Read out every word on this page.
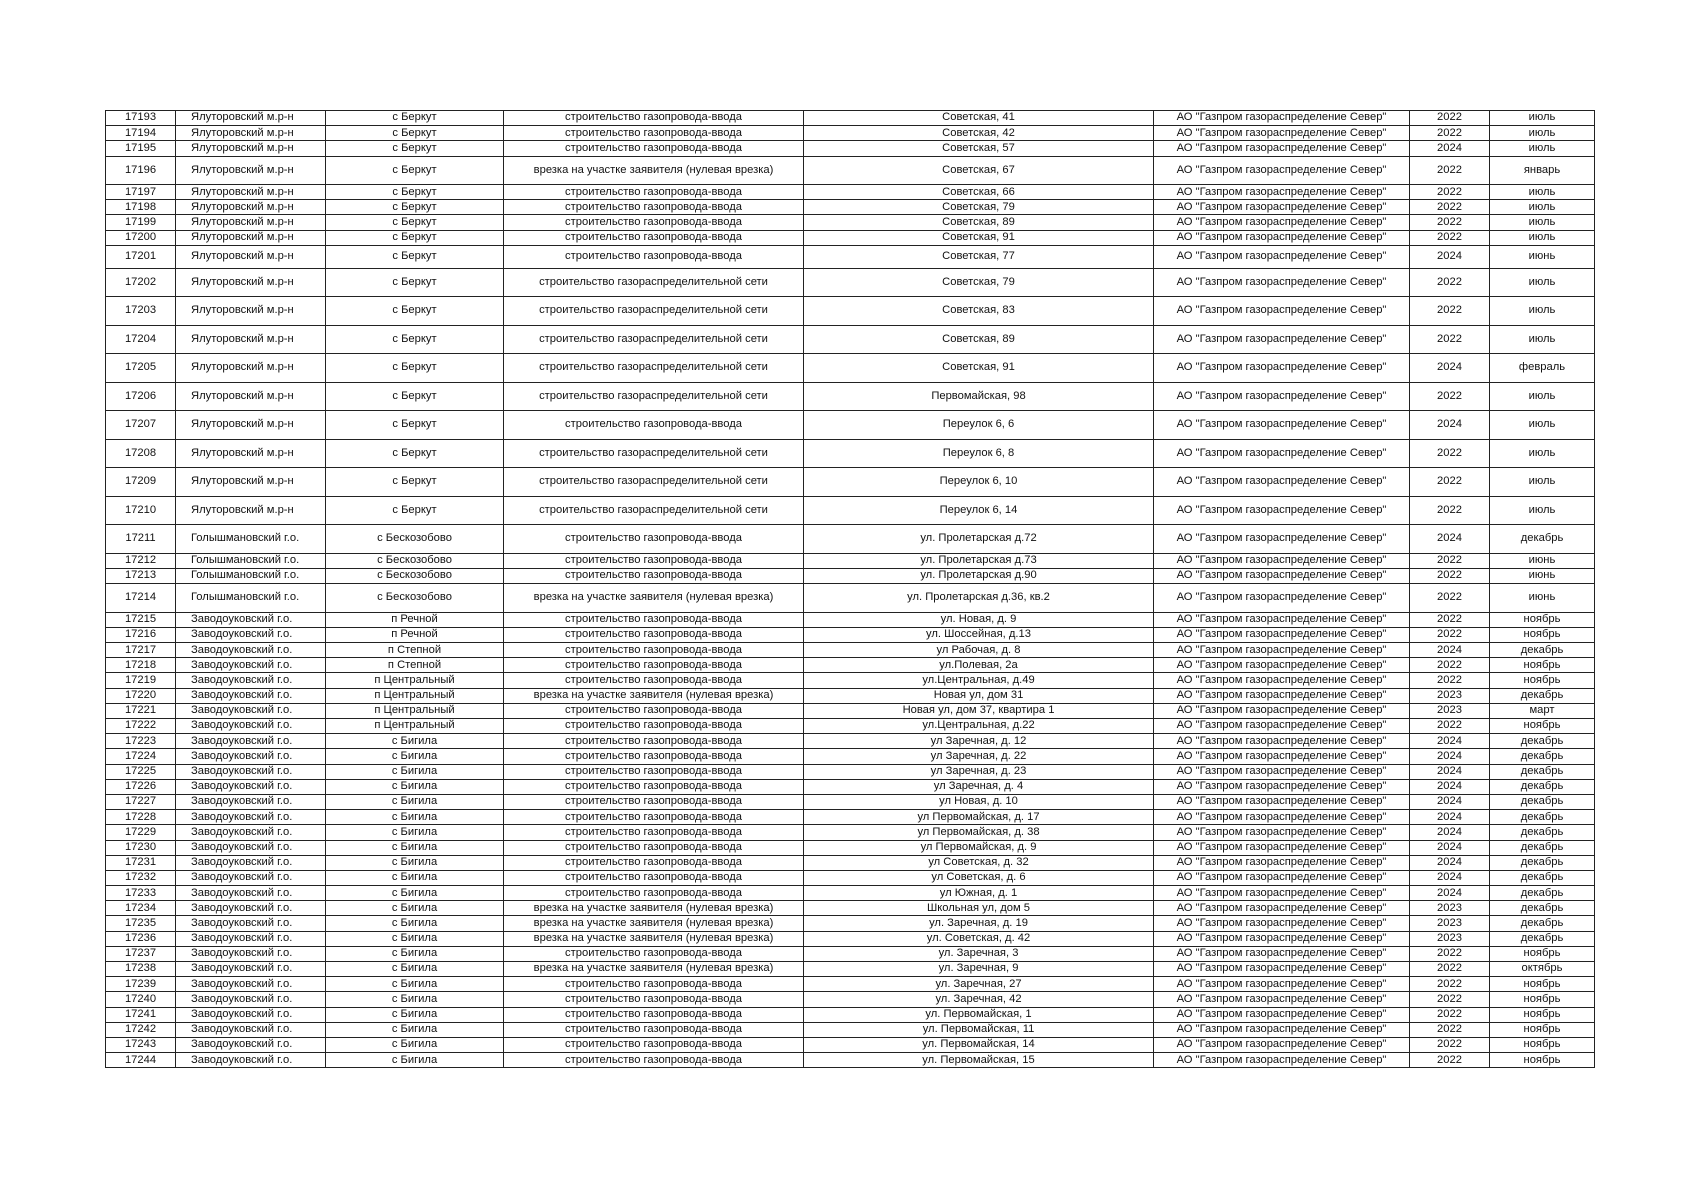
17193	Ялуторовский м.р-н	с Беркут	строительство газопровода-ввода	Советская, 41	АО "Газпром газораспределение Север"	2022	июль
17194	Ялуторовский м.р-н	с Беркут	строительство газопровода-ввода	Советская, 42	АО "Газпром газораспределение Север"	2022	июль
17195	Ялуторовский м.р-н	с Беркут	строительство газопровода-ввода	Советская, 57	АО "Газпром газораспределение Север"	2024	июль
17196	Ялуторовский м.р-н	с Беркут	врезка на участке заявителя (нулевая врезка)	Советская, 67	АО "Газпром газораспределение Север"	2022	январь
17197	Ялуторовский м.р-н	с Беркут	строительство газопровода-ввода	Советская, 66	АО "Газпром газораспределение Север"	2022	июль
17198	Ялуторовский м.р-н	с Беркут	строительство газопровода-ввода	Советская, 79	АО "Газпром газораспределение Север"	2022	июль
17199	Ялуторовский м.р-н	с Беркут	строительство газопровода-ввода	Советская, 89	АО "Газпром газораспределение Север"	2022	июль
17200	Ялуторовский м.р-н	с Беркут	строительство газопровода-ввода	Советская, 91	АО "Газпром газораспределение Север"	2022	июль
17201	Ялуторовский м.р-н	с Беркут	строительство газопровода-ввода	Советская, 77	АО "Газпром газораспределение Север"	2024	июнь
17202	Ялуторовский м.р-н	с Беркут	строительство газораспределительной сети	Советская, 79	АО "Газпром газораспределение Север"	2022	июль
17203	Ялуторовский м.р-н	с Беркут	строительство газораспределительной сети	Советская, 83	АО "Газпром газораспределение Север"	2022	июль
17204	Ялуторовский м.р-н	с Беркут	строительство газораспределительной сети	Советская, 89	АО "Газпром газораспределение Север"	2022	июль
17205	Ялуторовский м.р-н	с Беркут	строительство газораспределительной сети	Советская, 91	АО "Газпром газораспределение Север"	2024	февраль
17206	Ялуторовский м.р-н	с Беркут	строительство газораспределительной сети	Первомайская, 98	АО "Газпром газораспределение Север"	2022	июль
17207	Ялуторовский м.р-н	с Беркут	строительство газопровода-ввода	Переулок 6, 6	АО "Газпром газораспределение Север"	2024	июль
17208	Ялуторовский м.р-н	с Беркут	строительство газораспределительной сети	Переулок 6, 8	АО "Газпром газораспределение Север"	2022	июль
17209	Ялуторовский м.р-н	с Беркут	строительство газораспределительной сети	Переулок 6, 10	АО "Газпром газораспределение Север"	2022	июль
17210	Ялуторовский м.р-н	с Беркут	строительство газораспределительной сети	Переулок 6, 14	АО "Газпром газораспределение Север"	2022	июль
17211	Голышмановский г.о.	с Бескозобово	строительство газопровода-ввода	ул. Пролетарская д.72	АО "Газпром газораспределение Север"	2024	декабрь
17212	Голышмановский г.о.	с Бескозобово	строительство газопровода-ввода	ул. Пролетарская д.73	АО "Газпром газораспределение Север"	2022	июнь
17213	Голышмановский г.о.	с Бескозобово	строительство газопровода-ввода	ул. Пролетарская д.90	АО "Газпром газораспределение Север"	2022	июнь
17214	Голышмановский г.о.	с Бескозобово	врезка на участке заявителя (нулевая врезка)	ул. Пролетарская д.36, кв.2	АО "Газпром газораспределение Север"	2022	июнь
17215	Заводоуковский г.о.	п Речной	строительство газопровода-ввода	ул. Новая, д. 9	АО "Газпром газораспределение Север"	2022	ноябрь
17216	Заводоуковский г.о.	п Речной	строительство газопровода-ввода	ул. Шоссейная, д.13	АО "Газпром газораспределение Север"	2022	ноябрь
17217	Заводоуковский г.о.	п Степной	строительство газопровода-ввода	ул Рабочая, д. 8	АО "Газпром газораспределение Север"	2024	декабрь
17218	Заводоуковский г.о.	п Степной	строительство газопровода-ввода	ул.Полевая, 2а	АО "Газпром газораспределение Север"	2022	ноябрь
17219	Заводоуковский г.о.	п Центральный	строительство газопровода-ввода	ул.Центральная, д.49	АО "Газпром газораспределение Север"	2022	ноябрь
17220	Заводоуковский г.о.	п Центральный	врезка на участке заявителя (нулевая врезка)	Новая ул, дом 31	АО "Газпром газораспределение Север"	2023	декабрь
17221	Заводоуковский г.о.	п Центральный	строительство газопровода-ввода	Новая ул, дом 37, квартира 1	АО "Газпром газораспределение Север"	2023	март
17222	Заводоуковский г.о.	п Центральный	строительство газопровода-ввода	ул.Центральная, д.22	АО "Газпром газораспределение Север"	2022	ноябрь
17223	Заводоуковский г.о.	с Бигила	строительство газопровода-ввода	ул Заречная, д. 12	АО "Газпром газораспределение Север"	2024	декабрь
17224	Заводоуковский г.о.	с Бигила	строительство газопровода-ввода	ул Заречная, д. 22	АО "Газпром газораспределение Север"	2024	декабрь
17225	Заводоуковский г.о.	с Бигила	строительство газопровода-ввода	ул Заречная, д. 23	АО "Газпром газораспределение Север"	2024	декабрь
17226	Заводоуковский г.о.	с Бигила	строительство газопровода-ввода	ул Заречная, д. 4	АО "Газпром газораспределение Север"	2024	декабрь
17227	Заводоуковский г.о.	с Бигила	строительство газопровода-ввода	ул Новая, д. 10	АО "Газпром газораспределение Север"	2024	декабрь
17228	Заводоуковский г.о.	с Бигила	строительство газопровода-ввода	ул Первомайская, д. 17	АО "Газпром газораспределение Север"	2024	декабрь
17229	Заводоуковский г.о.	с Бигила	строительство газопровода-ввода	ул Первомайская, д. 38	АО "Газпром газораспределение Север"	2024	декабрь
17230	Заводоуковский г.о.	с Бигила	строительство газопровода-ввода	ул Первомайская, д. 9	АО "Газпром газораспределение Север"	2024	декабрь
17231	Заводоуковский г.о.	с Бигила	строительство газопровода-ввода	ул Советская, д. 32	АО "Газпром газораспределение Север"	2024	декабрь
17232	Заводоуковский г.о.	с Бигила	строительство газопровода-ввода	ул Советская, д. 6	АО "Газпром газораспределение Север"	2024	декабрь
17233	Заводоуковский г.о.	с Бигила	строительство газопровода-ввода	ул Южная, д. 1	АО "Газпром газораспределение Север"	2024	декабрь
17234	Заводоуковский г.о.	с Бигила	врезка на участке заявителя (нулевая врезка)	Школьная ул, дом 5	АО "Газпром газораспределение Север"	2023	декабрь
17235	Заводоуковский г.о.	с Бигила	врезка на участке заявителя (нулевая врезка)	ул. Заречная, д. 19	АО "Газпром газораспределение Север"	2023	декабрь
17236	Заводоуковский г.о.	с Бигила	врезка на участке заявителя (нулевая врезка)	ул. Советская, д. 42	АО "Газпром газораспределение Север"	2023	декабрь
17237	Заводоуковский г.о.	с Бигила	строительство газопровода-ввода	ул. Заречная, 3	АО "Газпром газораспределение Север"	2022	ноябрь
17238	Заводоуковский г.о.	с Бигила	врезка на участке заявителя (нулевая врезка)	ул. Заречная, 9	АО "Газпром газораспределение Север"	2022	октябрь
17239	Заводоуковский г.о.	с Бигила	строительство газопровода-ввода	ул. Заречная, 27	АО "Газпром газораспределение Север"	2022	ноябрь
17240	Заводоуковский г.о.	с Бигила	строительство газопровода-ввода	ул. Заречная, 42	АО "Газпром газораспределение Север"	2022	ноябрь
17241	Заводоуковский г.о.	с Бигила	строительство газопровода-ввода	ул. Первомайская, 1	АО "Газпром газораспределение Север"	2022	ноябрь
17242	Заводоуковский г.о.	с Бигила	строительство газопровода-ввода	ул. Первомайская, 11	АО "Газпром газораспределение Север"	2022	ноябрь
17243	Заводоуковский г.о.	с Бигила	строительство газопровода-ввода	ул. Первомайская, 14	АО "Газпром газораспределение Север"	2022	ноябрь
17244	Заводоуковский г.о.	с Бигила	строительство газопровода-ввода	ул. Первомайская, 15	АО "Газпром газораспределение Север"	2022	ноябрь
